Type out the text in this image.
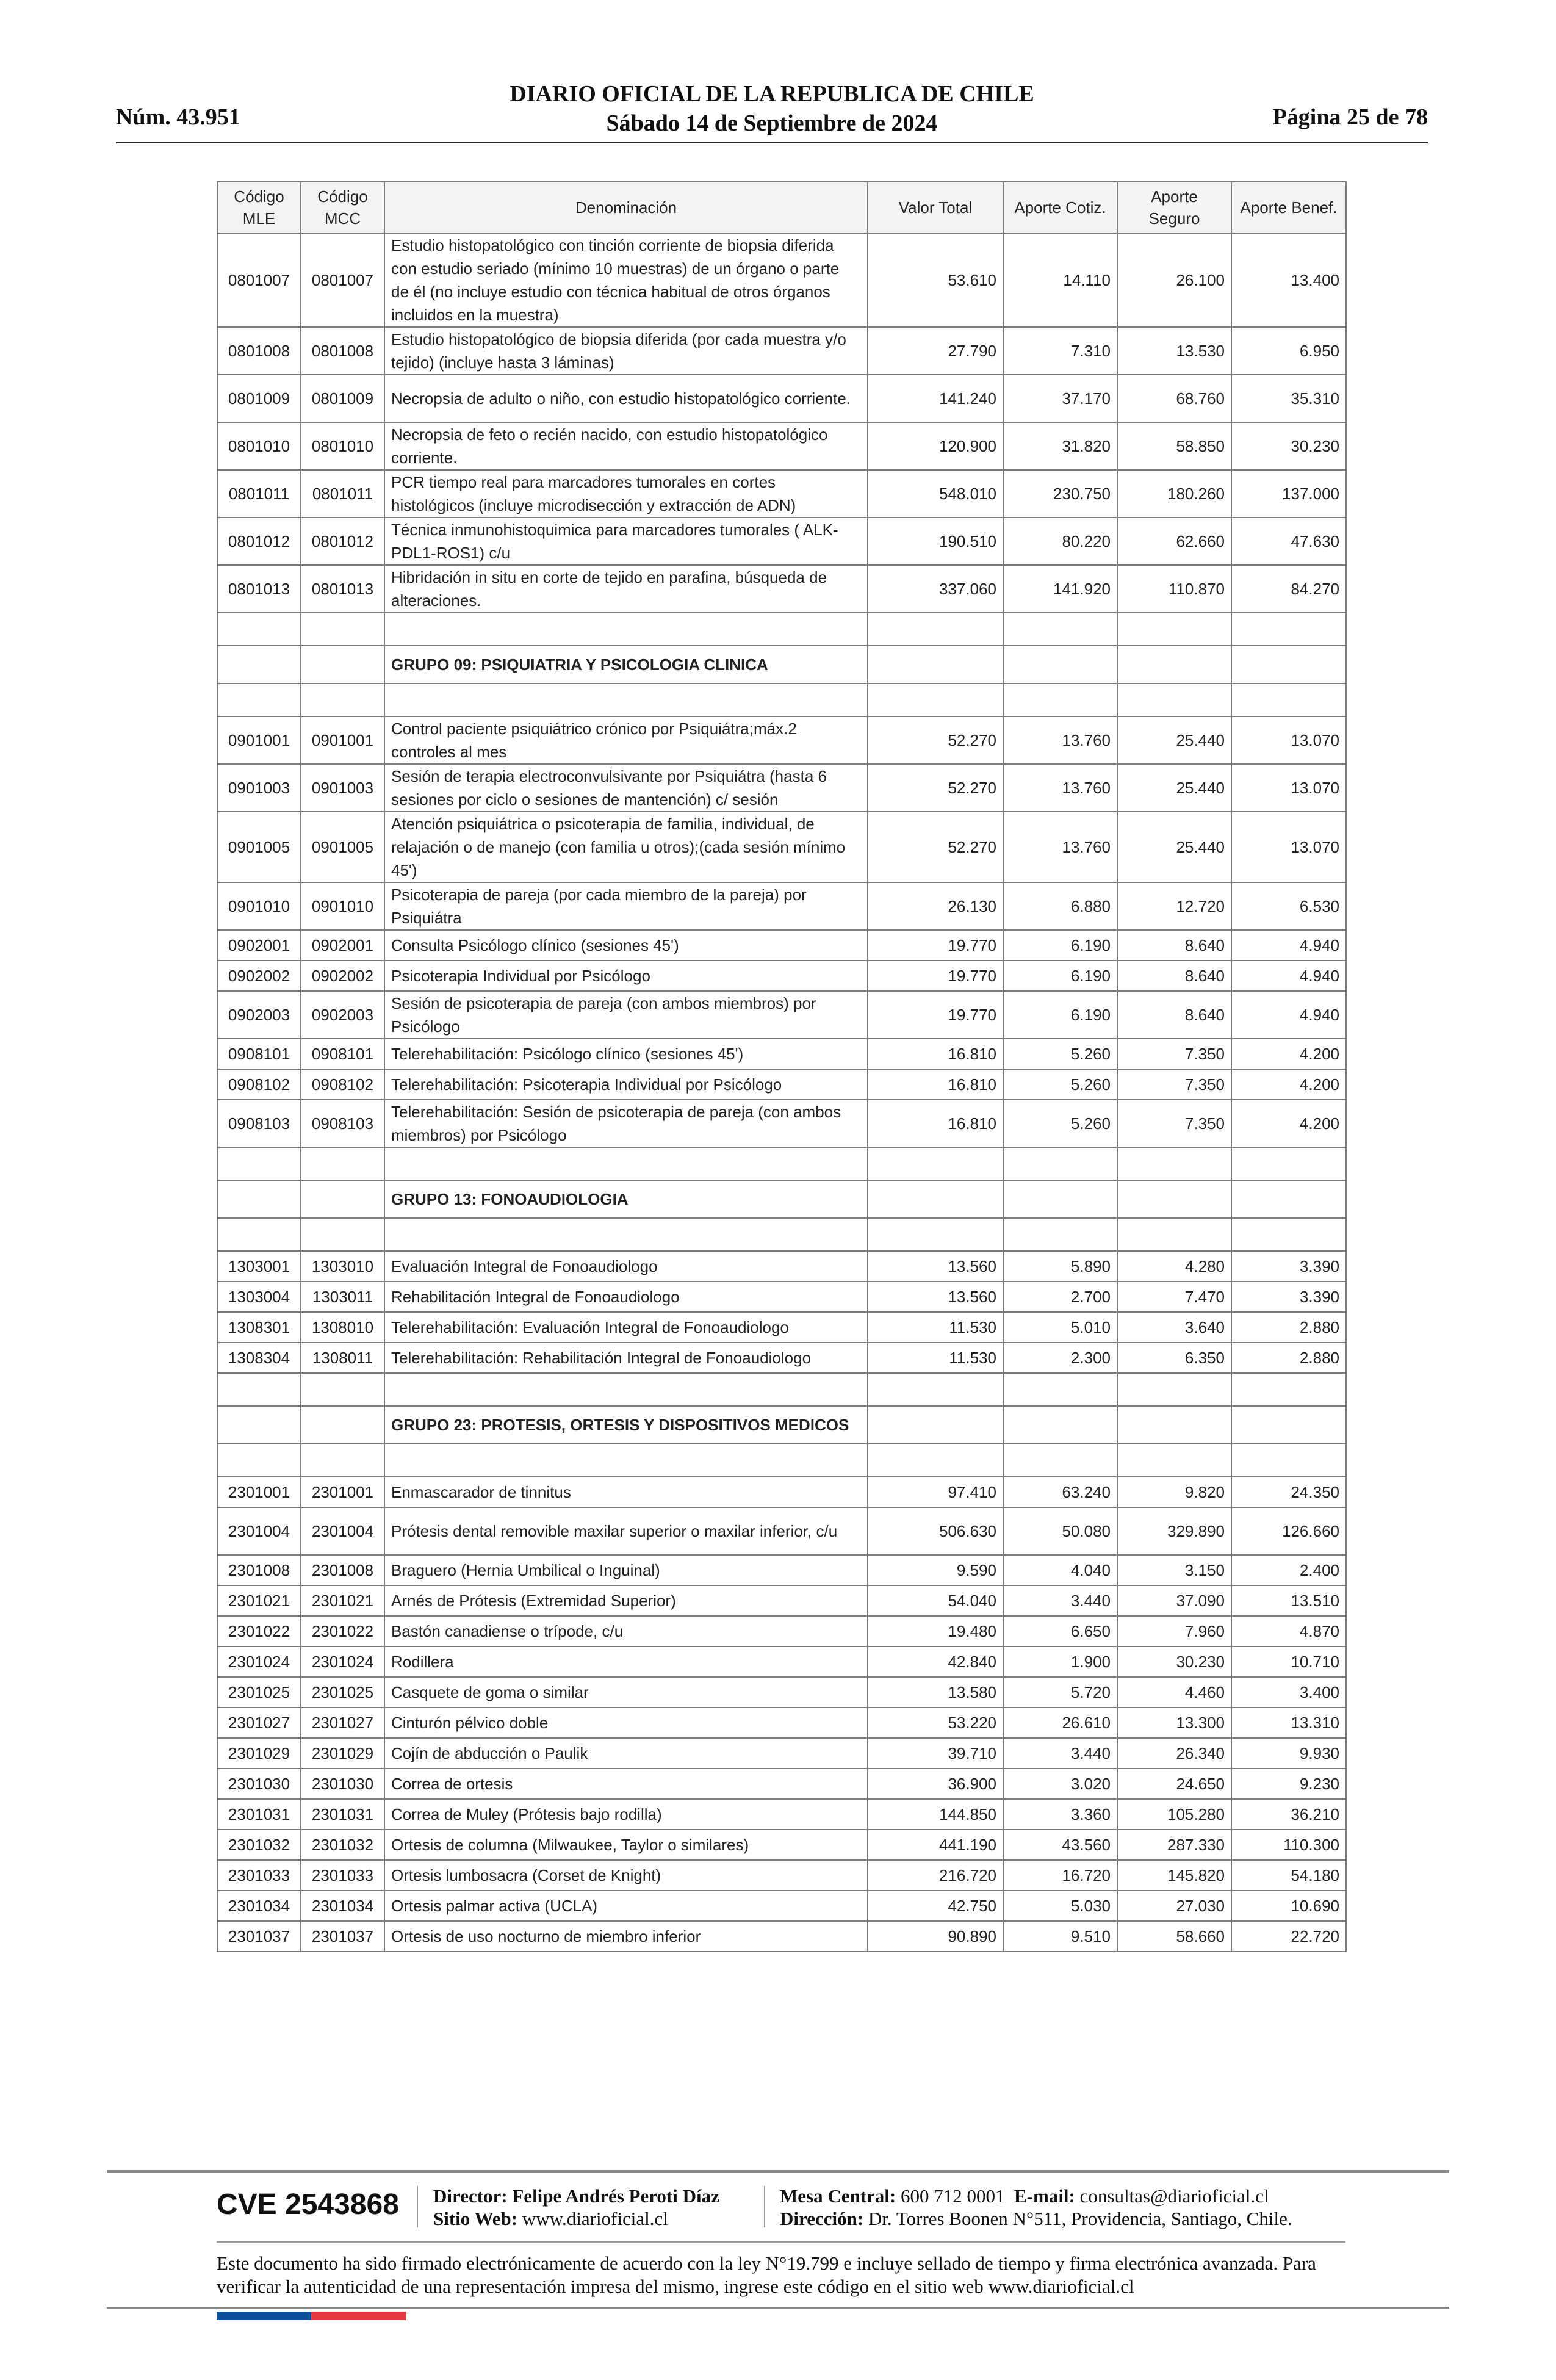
Núm. 43.951
DIARIO OFICIAL DE LA REPUBLICA DE CHILE
Sábado 14 de Septiembre de 2024	Página 25 de 78
Código MLE	Código MCC	Denominación	Valor Total	Aporte Cotiz.	Aporte Seguro	Aporte Benef.
0801007	0801007	Estudio histopatológico con tinción corriente de biopsia diferida con estudio seriado (mínimo 10 muestras) de un órgano o parte de él (no incluye estudio con técnica habitual de otros órganos incluidos en la muestra)	53.610	14.110	26.100	13.400
0801008	0801008	Estudio histopatológico de biopsia diferida (por cada muestra y/o tejido) (incluye hasta 3 láminas)	27.790	7.310	13.530	6.950
0801009	0801009	Necropsia de adulto o niño, con estudio histopatológico corriente.	141.240	37.170	68.760	35.310
0801010	0801010	Necropsia de feto o recién nacido, con estudio histopatológico corriente.	120.900	31.820	58.850	30.230
0801011	0801011	PCR tiempo real para marcadores tumorales en cortes histológicos (incluye microdisección y extracción de ADN)	548.010	230.750	180.260	137.000
0801012	0801012	Técnica inmunohistoquimica para marcadores tumorales ( ALK-PDL1-ROS1) c/u	190.510	80.220	62.660	47.630
0801013	0801013	Hibridación in situ en corte de tejido en parafina, búsqueda de alteraciones.	337.060	141.920	110.870	84.270

		GRUPO 09: PSIQUIATRIA Y PSICOLOGIA CLINICA				

0901001	0901001	Control paciente psiquiátrico crónico por Psiquiátra;máx.2 controles al mes	52.270	13.760	25.440	13.070
0901003	0901003	Sesión de terapia electroconvulsivante por Psiquiátra (hasta 6 sesiones por ciclo o sesiones de mantención) c/ sesión	52.270	13.760	25.440	13.070
0901005	0901005	Atención psiquiátrica o psicoterapia de familia, individual, de relajación o de manejo (con familia u otros);(cada sesión mínimo 45')	52.270	13.760	25.440	13.070
0901010	0901010	Psicoterapia de pareja (por cada miembro de la pareja) por Psiquiátra	26.130	6.880	12.720	6.530
0902001	0902001	Consulta Psicólogo clínico (sesiones 45')	19.770	6.190	8.640	4.940
0902002	0902002	Psicoterapia Individual por Psicólogo	19.770	6.190	8.640	4.940
0902003	0902003	Sesión de psicoterapia de pareja (con ambos miembros) por Psicólogo	19.770	6.190	8.640	4.940
0908101	0908101	Telerehabilitación: Psicólogo clínico (sesiones 45')	16.810	5.260	7.350	4.200
0908102	0908102	Telerehabilitación: Psicoterapia Individual por Psicólogo	16.810	5.260	7.350	4.200
0908103	0908103	Telerehabilitación: Sesión de psicoterapia de pareja (con ambos miembros) por Psicólogo	16.810	5.260	7.350	4.200

		GRUPO 13: FONOAUDIOLOGIA				

1303001	1303010	Evaluación Integral de Fonoaudiologo	13.560	5.890	4.280	3.390
1303004	1303011	Rehabilitación Integral de Fonoaudiologo	13.560	2.700	7.470	3.390
1308301	1308010	Telerehabilitación: Evaluación Integral de Fonoaudiologo	11.530	5.010	3.640	2.880
1308304	1308011	Telerehabilitación: Rehabilitación Integral de Fonoaudiologo	11.530	2.300	6.350	2.880

		GRUPO 23: PROTESIS, ORTESIS Y DISPOSITIVOS MEDICOS				

2301001	2301001	Enmascarador de tinnitus	97.410	63.240	9.820	24.350
2301004	2301004	Prótesis dental removible maxilar superior o maxilar inferior, c/u	506.630	50.080	329.890	126.660
2301008	2301008	Braguero (Hernia Umbilical o Inguinal)	9.590	4.040	3.150	2.400
2301021	2301021	Arnés de Prótesis (Extremidad Superior)	54.040	3.440	37.090	13.510
2301022	2301022	Bastón canadiense o trípode, c/u	19.480	6.650	7.960	4.870
2301024	2301024	Rodillera	42.840	1.900	30.230	10.710
2301025	2301025	Casquete de goma o similar	13.580	5.720	4.460	3.400
2301027	2301027	Cinturón pélvico doble	53.220	26.610	13.300	13.310
2301029	2301029	Cojín de abducción o Paulik	39.710	3.440	26.340	9.930
2301030	2301030	Correa de ortesis	36.900	3.020	24.650	9.230
2301031	2301031	Correa de Muley (Prótesis bajo rodilla)	144.850	3.360	105.280	36.210
2301032	2301032	Ortesis de columna (Milwaukee, Taylor o similares)	441.190	43.560	287.330	110.300
2301033	2301033	Ortesis lumbosacra (Corset de Knight)	216.720	16.720	145.820	54.180
2301034	2301034	Ortesis palmar activa (UCLA)	42.750	5.030	27.030	10.690
2301037	2301037	Ortesis de uso nocturno de miembro inferior	90.890	9.510	58.660	22.720
CVE 2543868 Director: Felipe Andrés Peroti Díaz
Sitio Web: www.diarioficial.cl
Mesa Central: 600 712 0001 E-mail: consultas@diarioficial.cl
Dirección: Dr. Torres Boonen N°511, Providencia, Santiago, Chile.
Este documento ha sido firmado electrónicamente de acuerdo con la ley N°19.799 e incluye sellado de tiempo y firma electrónica avanzada. Para verificar la autenticidad de una representación impresa del mismo, ingrese este código en el sitio web www.diarioficial.cl
